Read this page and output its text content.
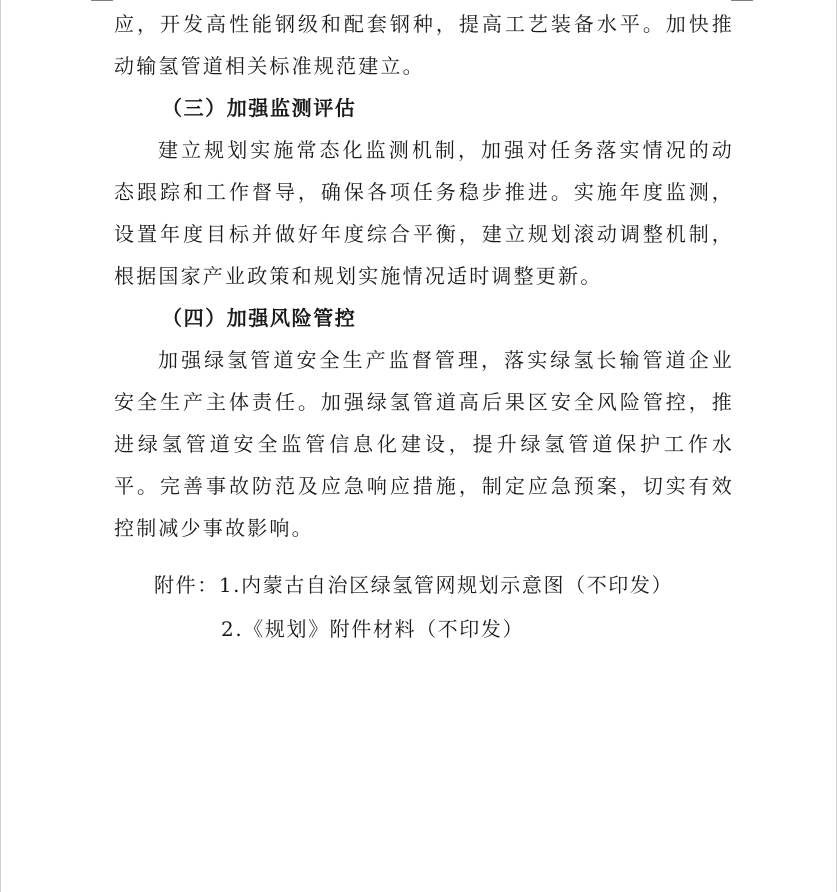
应，开发高性能钢级和配套钢种，提高工艺装备水平。加快推动输氢管道相关标准规范建立。

（三）加强监测评估

建立规划实施常态化监测机制，加强对任务落实情况的动态跟踪和工作督导，确保各项任务稳步推进。实施年度监测，设置年度目标并做好年度综合平衡，建立规划滚动调整机制，根据国家产业政策和规划实施情况适时调整更新。

（四）加强风险管控

加强绿氢管道安全生产监督管理，落实绿氢长输管道企业安全生产主体责任。加强绿氢管道高后果区安全风险管控，推进绿氢管道安全监管信息化建设，提升绿氢管道保护工作水平。完善事故防范及应急响应措施，制定应急预案，切实有效控制减少事故影响。

附件：1.内蒙古自治区绿氢管网规划示意图（不印发）
2.《规划》附件材料（不印发）
